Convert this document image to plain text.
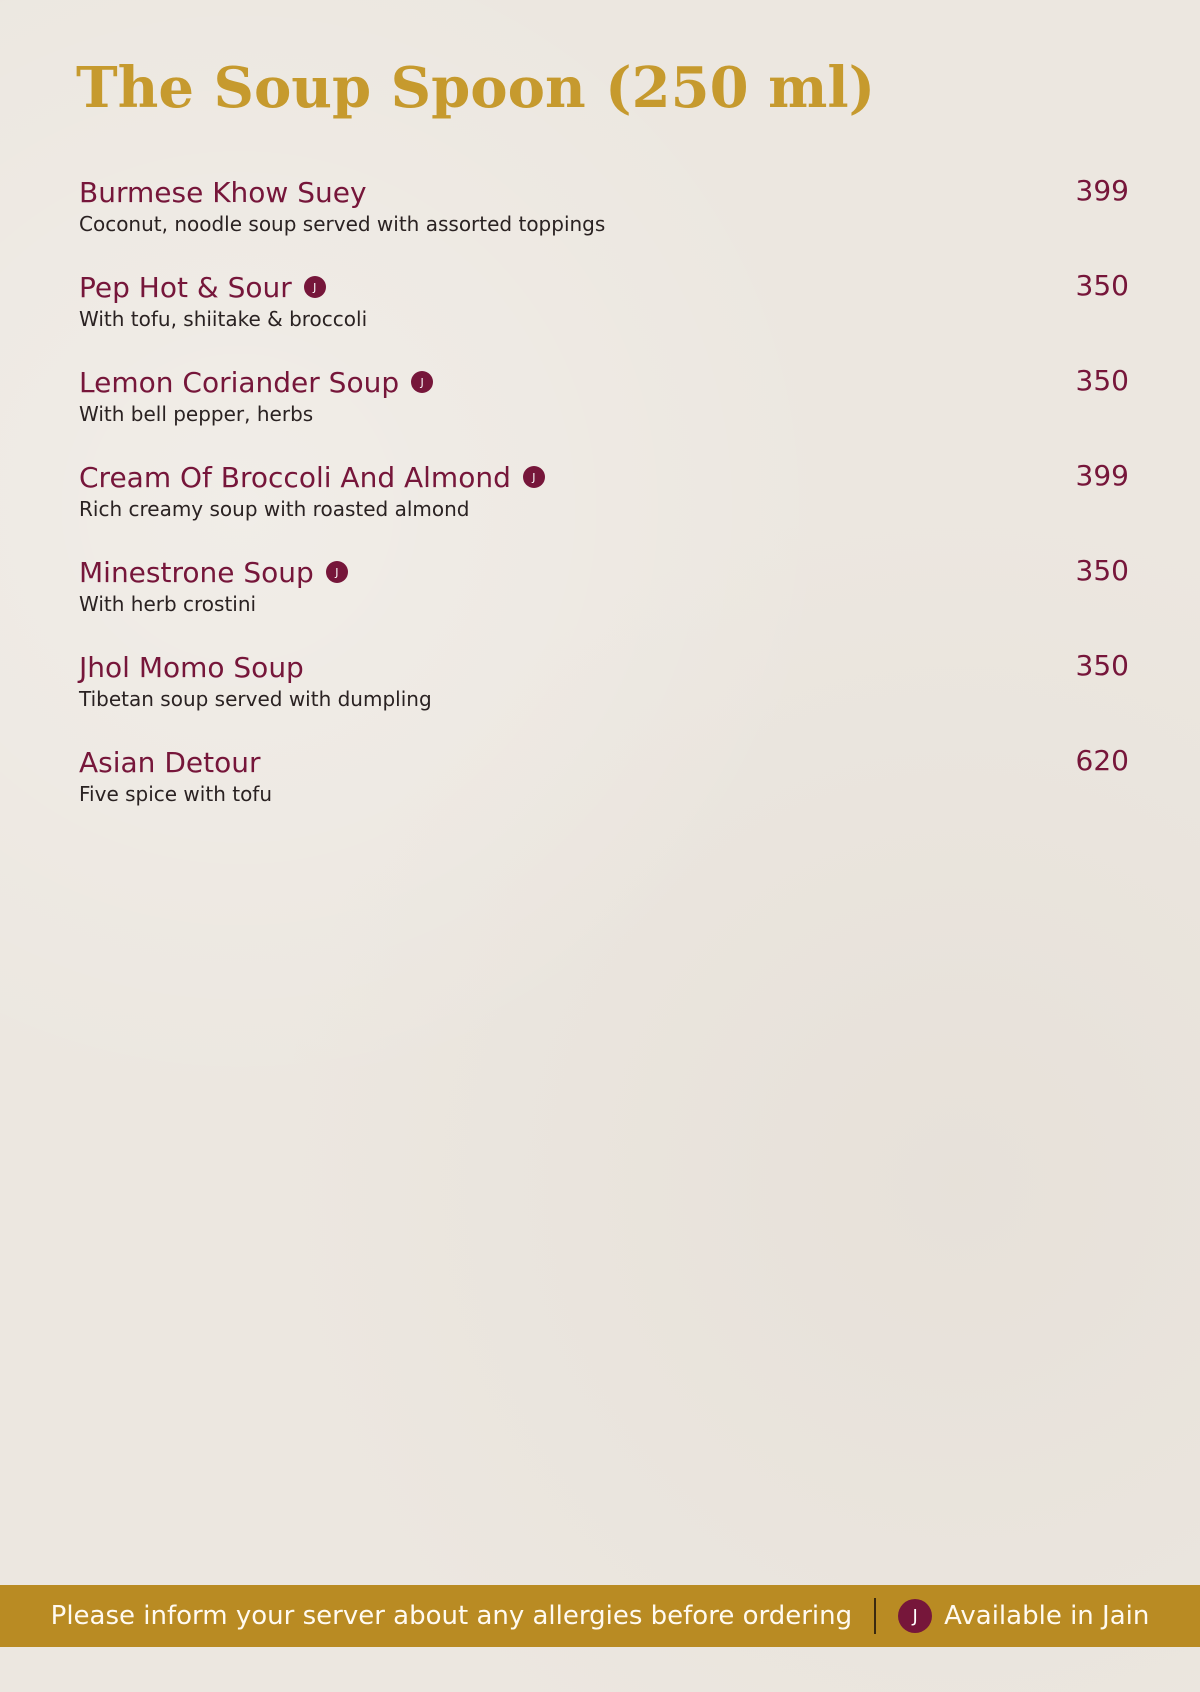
The Soup Spoon (250 ml)
Burmese Khow Suey
Coconut, noodle soup served with assorted toppings
399
Pep Hot & Sour	J
With tofu, shiitake & broccoli
350
Lemon Coriander Soup	J
With bell pepper, herbs
350
Cream Of Broccoli And Almond	J
Rich creamy soup with roasted almond
399
Minestrone Soup	J
With herb crostini
350
Jhol Momo Soup
Tibetan soup served with dumpling
350
Asian Detour
Five spice with tofu
620
Please inform your server about any allergies before ordering	J	Available in Jain
